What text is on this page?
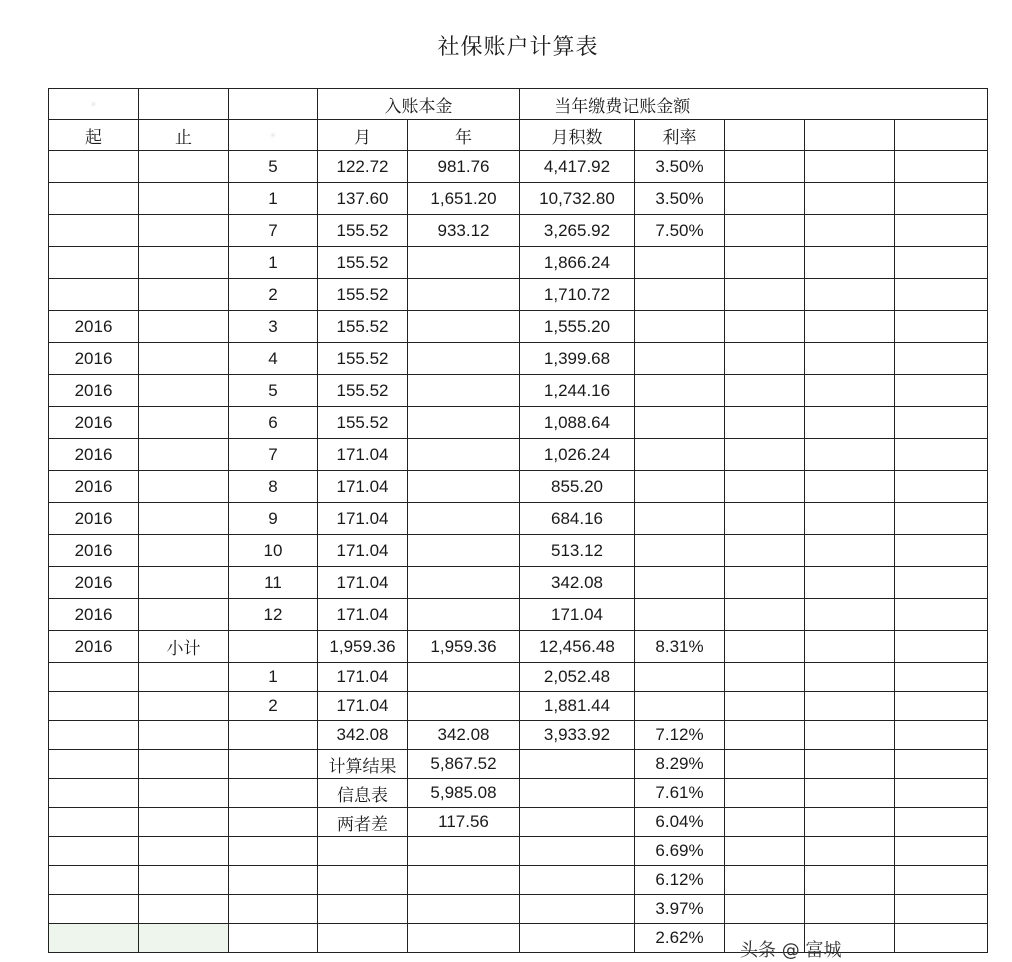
社保账户计算表
·			入账本金		当年缴费记账金额				
起	止	⋅	月	年	月积数	利率			
		5	122.72	981.76	4,417.92	3.50%			
		1	137.60	1,651.20	10,732.80	3.50%			
		7	155.52	933.12	3,265.92	7.50%			
		1	155.52		1,866.24				
		2	155.52		1,710.72				
2016		3	155.52		1,555.20				
2016		4	155.52		1,399.68				
2016		5	155.52		1,244.16				
2016		6	155.52		1,088.64				
2016		7	171.04		1,026.24				
2016		8	171.04		855.20				
2016		9	171.04		684.16				
2016		10	171.04		513.12				
2016		11	171.04		342.08				
2016		12	171.04		171.04				
2016	小计		1,959.36	1,959.36	12,456.48	8.31%			
		1	171.04		2,052.48				
		2	171.04		1,881.44				
			342.08	342.08	3,933.92	7.12%			
			计算结果	5,867.52		8.29%			
			信息表	5,985.08		7.61%			
			两者差	117.56		6.04%			
						6.69%			
						6.12%			
						3.97%			
						2.62%			
头条 @ 富城
